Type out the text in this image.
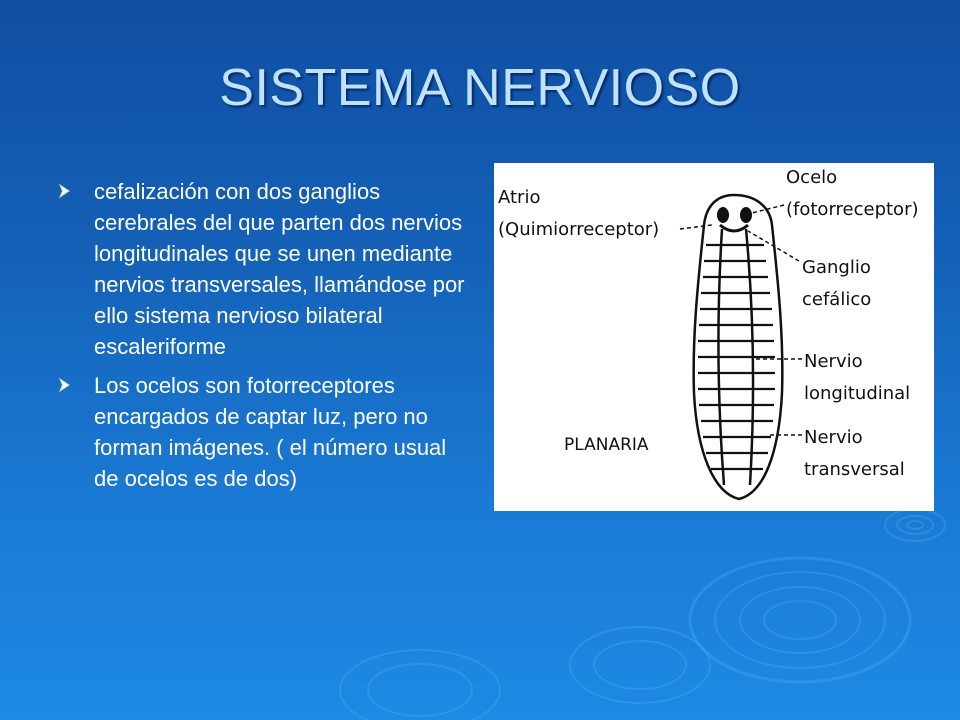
SISTEMA NERVIOSO
cefalización con dos ganglios cerebrales del que parten dos nervios longitudinales que se unen mediante nervios transversales, llamándose por ello sistema nervioso bilateral escaleriforme
Los ocelos son fotorreceptores encargados de captar luz, pero no forman imágenes. ( el número usual de ocelos es de dos)
Atrio
(Quimiorreceptor)
Ocelo
(fotorreceptor)
Ganglio
cefálico
Nervio
longitudinal
Nervio
transversal
PLANARIA
